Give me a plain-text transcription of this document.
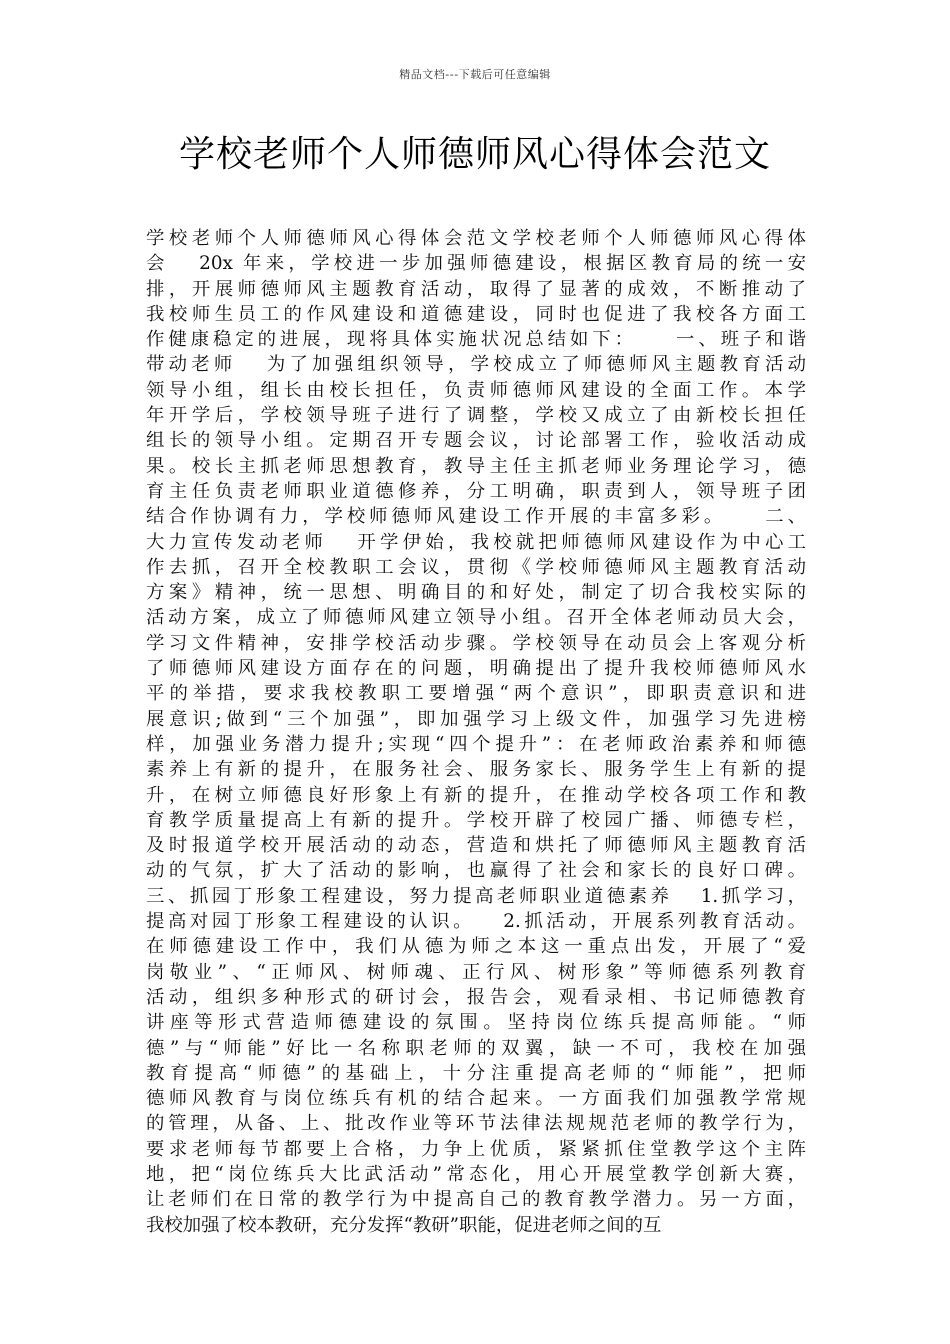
精品文档---下载后可任意编辑
学校老师个人师德师风心得体会范文
学校老师个人师德师风心得体会范文学校老师个人师德师风心得体
会   20x 年来，学校进一步加强师德建设，根据区教育局的统一安
排，开展师德师风主题教育活动，取得了显著的成效，不断推动了
我校师生员工的作风建设和道德建设，同时也促进了我校各方面工
作健康稳定的进展，现将具体实施状况总结如下：    一、班子和谐
带动老师   为了加强组织领导，学校成立了师德师风主题教育活动
领导小组，组长由校长担任，负责师德师风建设的全面工作。本学
年开学后，学校领导班子进行了调整，学校又成立了由新校长担任
组长的领导小组。定期召开专题会议，讨论部署工作，验收活动成
果。校长主抓老师思想教育，教导主任主抓老师业务理论学习，德
育主任负责老师职业道德修养，分工明确，职责到人，领导班子团
结合作协调有力，学校师德师风建设工作开展的丰富多彩。    二、
大力宣传发动老师   开学伊始，我校就把师德师风建设作为中心工
作去抓，召开全校教职工会议，贯彻《学校师德师风主题教育活动
方案》精神，统一思想、明确目的和好处，制定了切合我校实际的
活动方案，成立了师德师风建立领导小组。召开全体老师动员大会，
学习文件精神，安排学校活动步骤。学校领导在动员会上客观分析
了师德师风建设方面存在的问题，明确提出了提升我校师德师风水
平的举措，要求我校教职工要增强“两个意识”，即职责意识和进
展意识;做到“三个加强”，即加强学习上级文件，加强学习先进榜
样，加强业务潜力提升;实现“四个提升”：在老师政治素养和师德
素养上有新的提升，在服务社会、服务家长、服务学生上有新的提
升，在树立师德良好形象上有新的提升，在推动学校各项工作和教
育教学质量提高上有新的提升。学校开辟了校园广播、师德专栏，
及时报道学校开展活动的动态，营造和烘托了师德师风主题教育活
动的气氛，扩大了活动的影响，也赢得了社会和家长的良好口碑。
三、抓园丁形象工程建设，努力提高老师职业道德素养   1.抓学习，
提高对园丁形象工程建设的认识。   2.抓活动，开展系列教育活动。
在师德建设工作中，我们从德为师之本这一重点出发，开展了“爱
岗敬业”、“正师风、树师魂、正行风、树形象”等师德系列教育
活动，组织多种形式的研讨会，报告会，观看录相、书记师德教育
讲座等形式营造师德建设的氛围。坚持岗位练兵提高师能。“师
德”与“师能”好比一名称职老师的双翼，缺一不可，我校在加强
教育提高“师德”的基础上，十分注重提高老师的“师能”，把师
德师风教育与岗位练兵有机的结合起来。一方面我们加强教学常规
的管理，从备、上、批改作业等环节法律法规规范老师的教学行为，
要求老师每节都要上合格，力争上优质，紧紧抓住堂教学这个主阵
地，把“岗位练兵大比武活动”常态化，用心开展堂教学创新大赛，
让老师们在日常的教学行为中提高自己的教育教学潜力。另一方面，
我校加强了校本教研，充分发挥“教研”职能，促进老师之间的互
